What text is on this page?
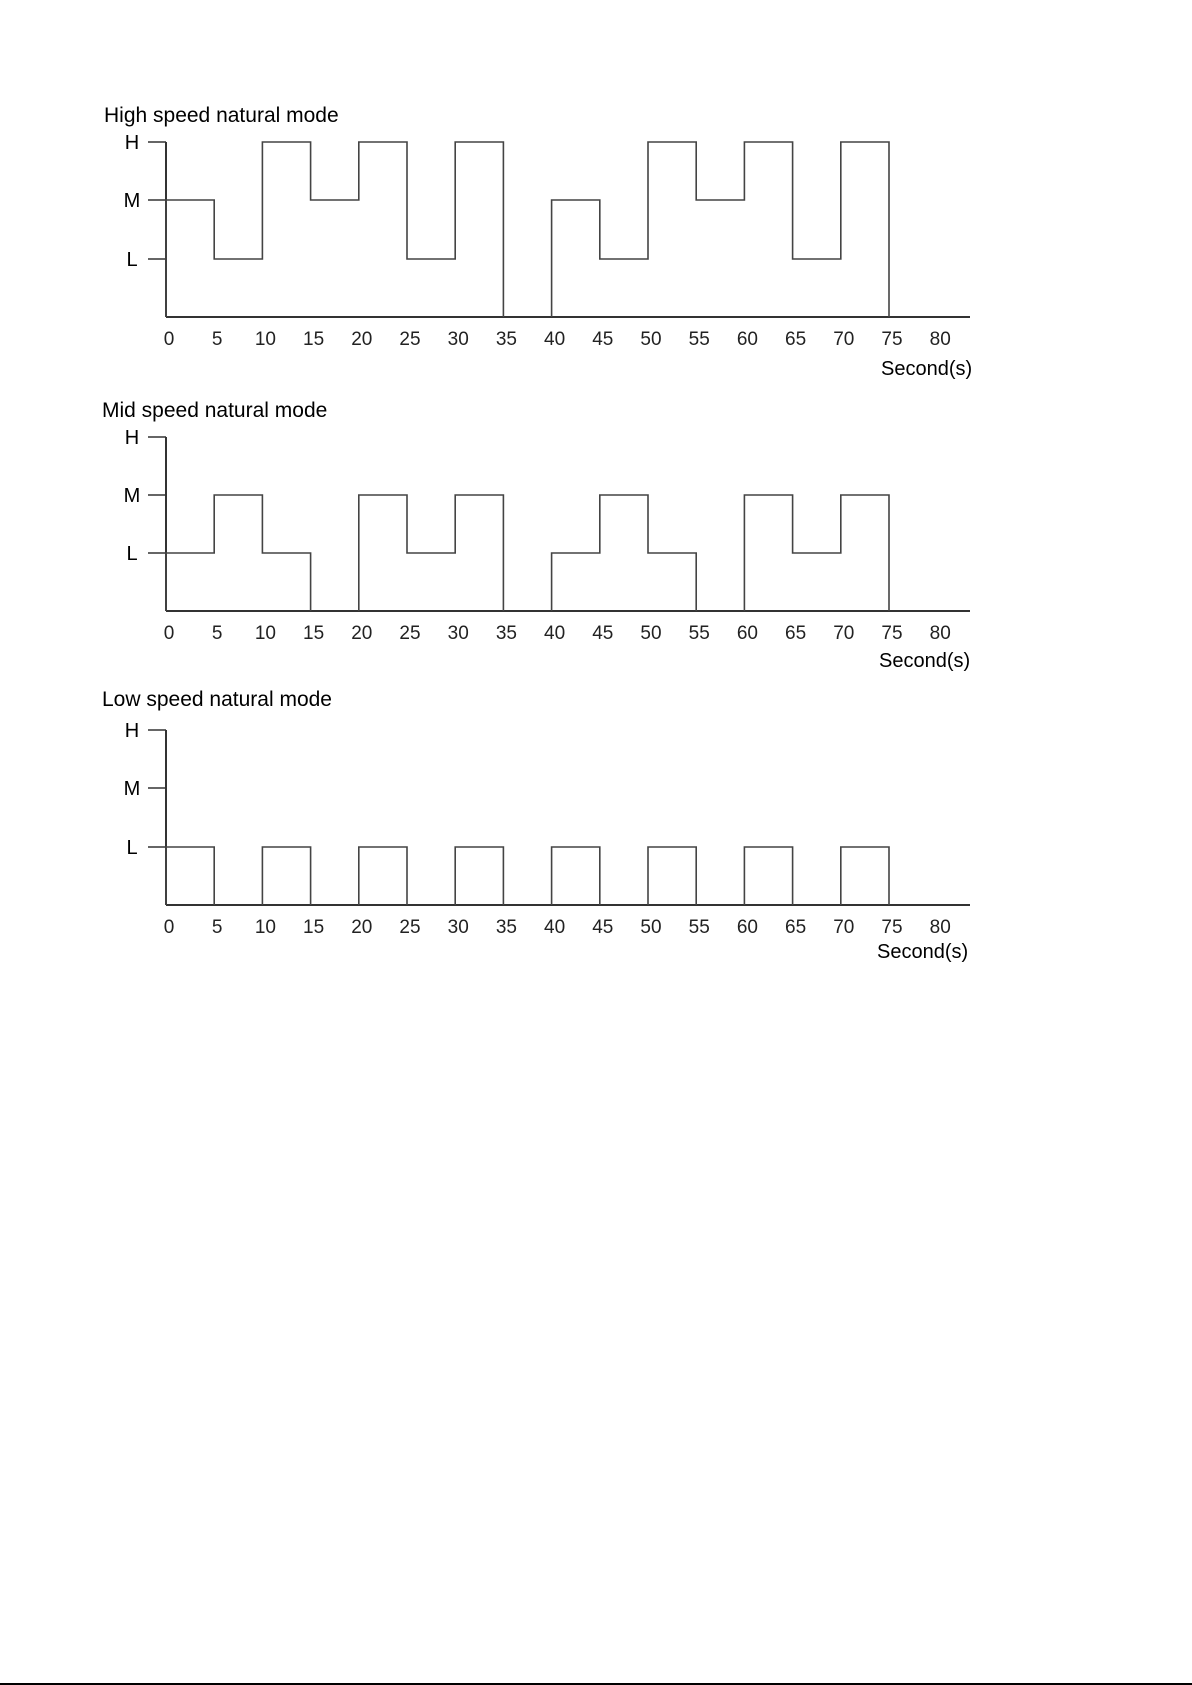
High speed natural mode
L
M
H
0 5 10 15 20 25 30 35 40 45 50 55 60 65 70 75 80
Second(s)
Mid speed natural mode
L
M
H
0 5 10 15 20 25 30 35 40 45 50 55 60 65 70 75 80
Second(s)
Low speed natural mode
L
M
H
0 5 10 15 20 25 30 35 40 45 50 55 60 65 70 75 80
Second(s)
